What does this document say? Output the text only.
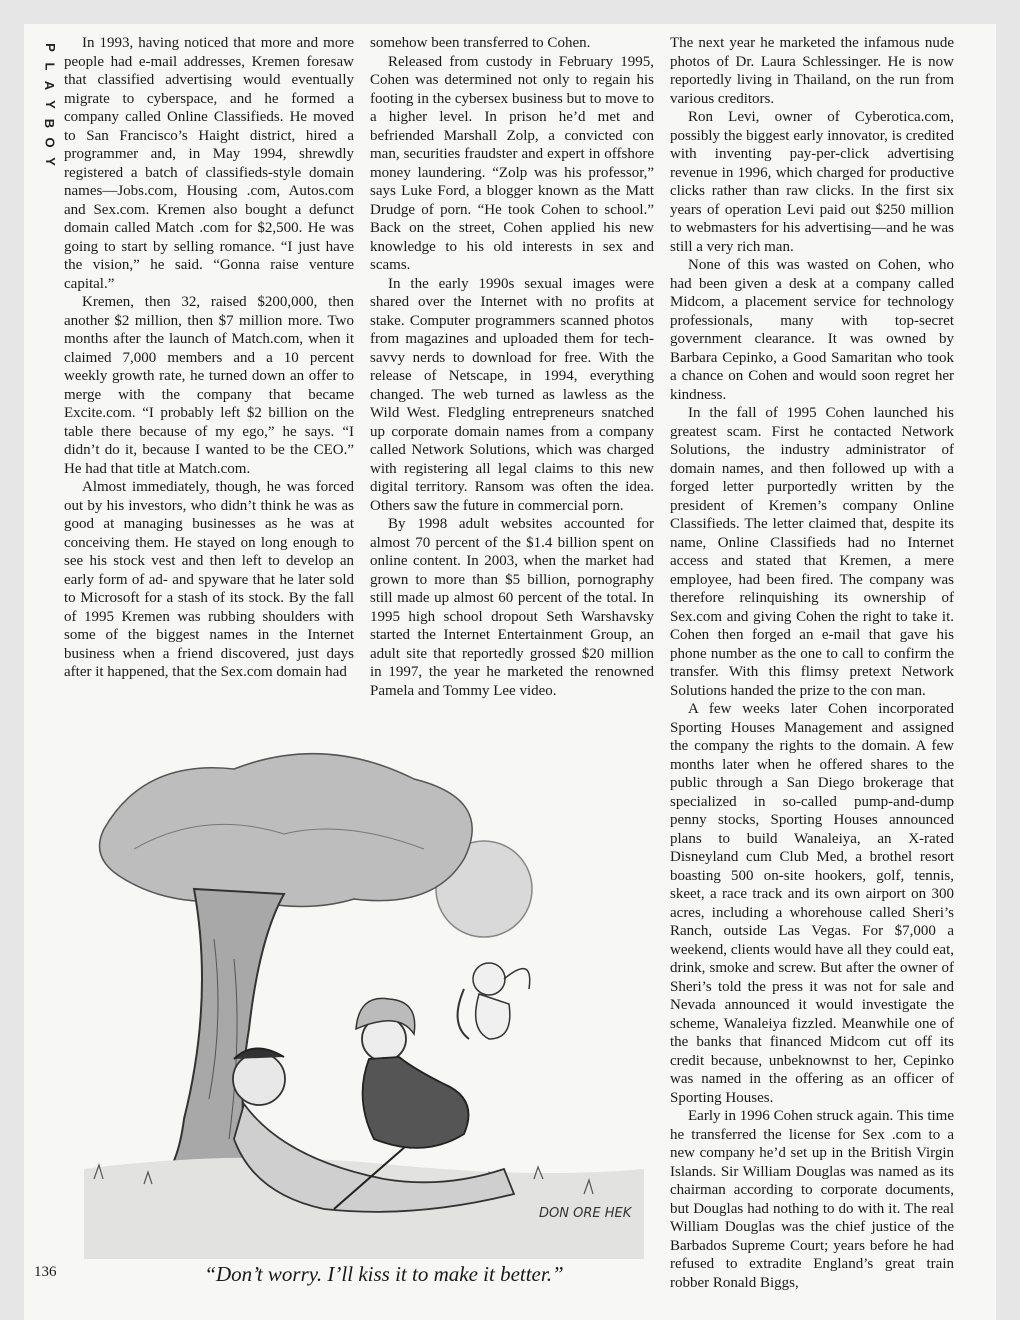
P
L
A
Y
B
O
Y

In 1993, having noticed that more and more people had e-mail addresses, Kremen foresaw that classified advertising would eventually migrate to cyberspace, and he formed a company called Online Classifieds. He moved to San Francisco’s Haight district, hired a programmer and, in May 1994, shrewdly registered a batch of classifieds-style domain names—Jobs.com, Housing .com, Autos.com and Sex.com. Kremen also bought a defunct domain called Match .com for $2,500. He was going to start by selling romance. “I just have the vision,” he said. “Gonna raise venture capital.”

Kremen, then 32, raised $200,000, then another $2 million, then $7 million more. Two months after the launch of Match.com, when it claimed 7,000 members and a 10 percent weekly growth rate, he turned down an offer to merge with the company that became Excite.com. “I probably left $2 billion on the table there because of my ego,” he says. “I didn’t do it, because I wanted to be the CEO.” He had that title at Match.com.

Almost immediately, though, he was forced out by his investors, who didn’t think he was as good at managing businesses as he was at conceiving them. He stayed on long enough to see his stock vest and then left to develop an early form of ad- and spyware that he later sold to Microsoft for a stash of its stock. By the fall of 1995 Kremen was rubbing shoulders with some of the biggest names in the Internet business when a friend discovered, just days after it happened, that the Sex.com domain had

somehow been transferred to Cohen.

Released from custody in February 1995, Cohen was determined not only to regain his footing in the cybersex business but to move to a higher level. In prison he’d met and befriended Marshall Zolp, a convicted con man, securities fraudster and expert in offshore money laundering. “Zolp was his professor,” says Luke Ford, a blogger known as the Matt Drudge of porn. “He took Cohen to school.” Back on the street, Cohen applied his new knowledge to his old interests in sex and scams.

In the early 1990s sexual images were shared over the Internet with no profits at stake. Computer programmers scanned photos from magazines and uploaded them for tech-savvy nerds to download for free. With the release of Netscape, in 1994, everything changed. The web turned as lawless as the Wild West. Fledgling entrepreneurs snatched up corporate domain names from a company called Network Solutions, which was charged with registering all legal claims to this new digital territory. Ransom was often the idea. Others saw the future in commercial porn.

By 1998 adult websites accounted for almost 70 percent of the $1.4 billion spent on online content. In 2003, when the market had grown to more than $5 billion, pornography still made up almost 60 percent of the total. In 1995 high school dropout Seth Warshavsky started the Internet Entertainment Group, an adult site that reportedly grossed $20 million in 1997, the year he marketed the renowned Pamela and Tommy Lee video.

The next year he marketed the infamous nude photos of Dr. Laura Schlessinger. He is now reportedly living in Thailand, on the run from various creditors.

Ron Levi, owner of Cyberotica.com, possibly the biggest early innovator, is credited with inventing pay-per-click advertising revenue in 1996, which charged for productive clicks rather than raw clicks. In the first six years of operation Levi paid out $250 million to webmasters for his advertising—and he was still a very rich man.

None of this was wasted on Cohen, who had been given a desk at a company called Midcom, a placement service for technology professionals, many with top-secret government clearance. It was owned by Barbara Cepinko, a Good Samaritan who took a chance on Cohen and would soon regret her kindness.

In the fall of 1995 Cohen launched his greatest scam. First he contacted Network Solutions, the industry administrator of domain names, and then followed up with a forged letter purportedly written by the president of Kremen’s company Online Classifieds. The letter claimed that, despite its name, Online Classifieds had no Internet access and stated that Kremen, a mere employee, had been fired. The company was therefore relinquishing its ownership of Sex.com and giving Cohen the right to take it. Cohen then forged an e-mail that gave his phone number as the one to call to confirm the transfer. With this flimsy pretext Network Solutions handed the prize to the con man.

A few weeks later Cohen incorporated Sporting Houses Management and assigned the company the rights to the domain. A few months later when he offered shares to the public through a San Diego brokerage that specialized in so-called pump-and-dump penny stocks, Sporting Houses announced plans to build Wanaleiya, an X-rated Disneyland cum Club Med, a brothel resort boasting 500 on-site hookers, golf, tennis, skeet, a race track and its own airport on 300 acres, including a whorehouse called Sheri’s Ranch, outside Las Vegas. For $7,000 a weekend, clients would have all they could eat, drink, smoke and screw. But after the owner of Sheri’s told the press it was not for sale and Nevada announced it would investigate the scheme, Wanaleiya fizzled. Meanwhile one of the banks that financed Midcom cut off its credit because, unbeknownst to her, Cepinko was named in the offering as an officer of Sporting Houses.

Early in 1996 Cohen struck again. This time he transferred the license for Sex .com to a new company he’d set up in the British Virgin Islands. Sir William Douglas was named as its chairman according to corporate documents, but Douglas had nothing to do with it. The real William Douglas was the chief justice of the Barbados Supreme Court; years before he had refused to extradite England’s great train robber Ronald Biggs,

DON ORE HEK
“Don’t worry. I’ll kiss it to make it better.”
136
